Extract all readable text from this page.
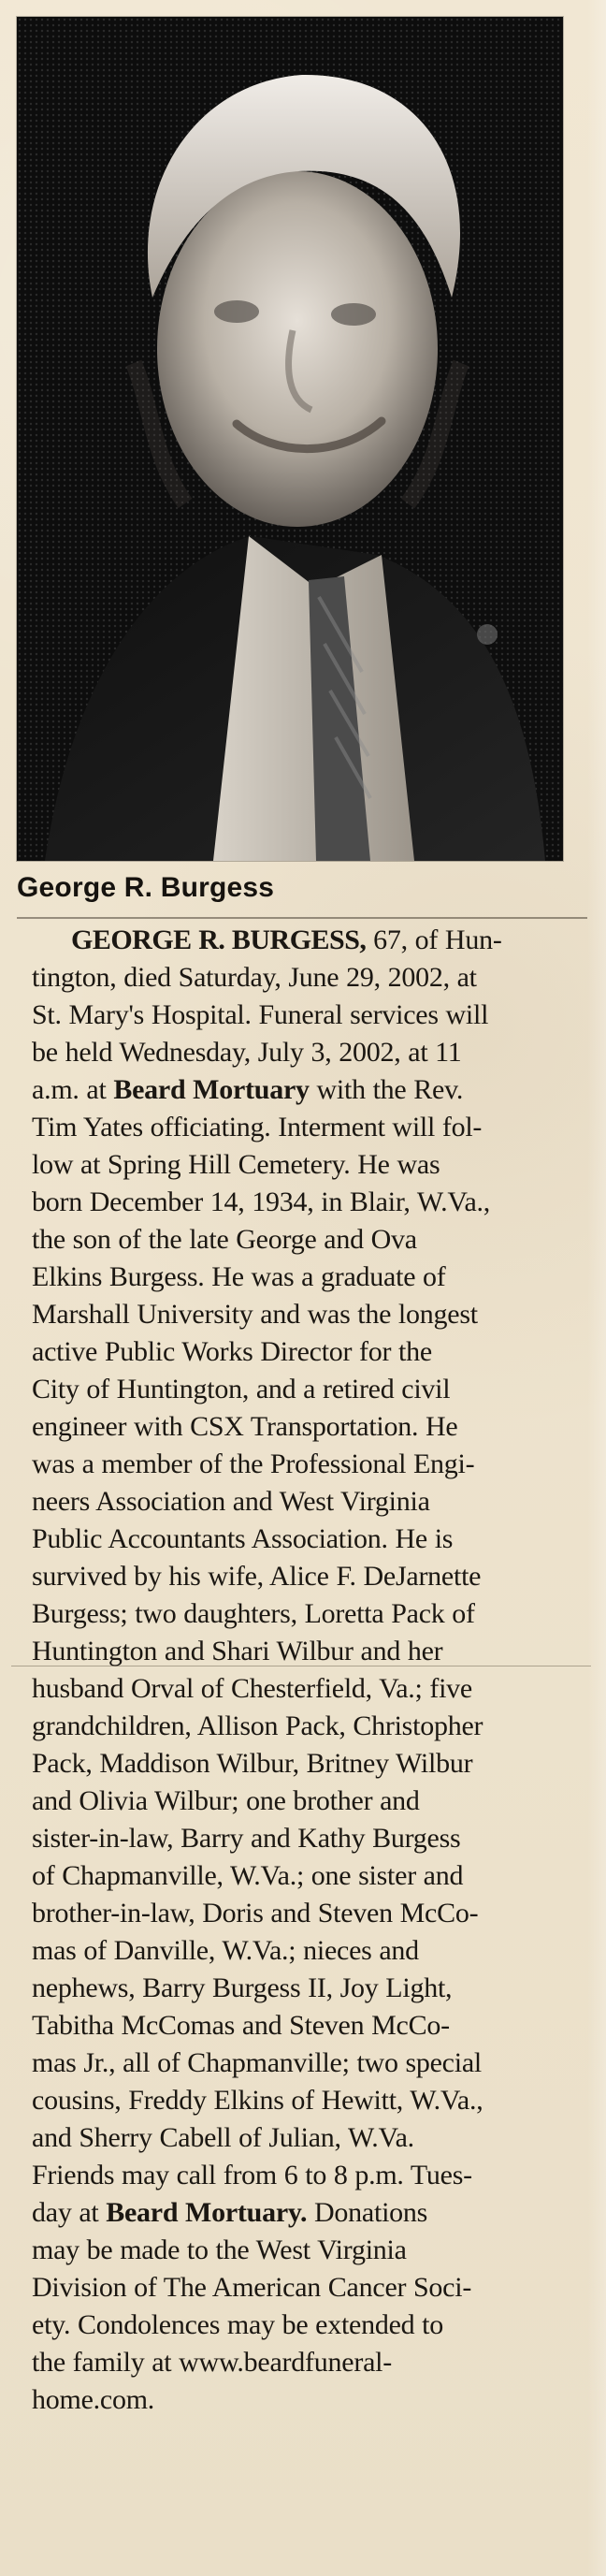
George R. Burgess
GEORGE R. BURGESS, 67, of Hun-
tington, died Saturday, June 29, 2002, at
St. Mary's Hospital. Funeral services will
be held Wednesday, July 3, 2002, at 11
a.m. at Beard Mortuary with the Rev.
Tim Yates officiating. Interment will fol-
low at Spring Hill Cemetery. He was
born December 14, 1934, in Blair, W.Va.,
the son of the late George and Ova
Elkins Burgess. He was a graduate of
Marshall University and was the longest
active Public Works Director for the
City of Huntington, and a retired civil
engineer with CSX Transportation. He
was a member of the Professional Engi-
neers Association and West Virginia
Public Accountants Association. He is
survived by his wife, Alice F. DeJarnette
Burgess; two daughters, Loretta Pack of
Huntington and Shari Wilbur and her
husband Orval of Chesterfield, Va.; five
grandchildren, Allison Pack, Christopher
Pack, Maddison Wilbur, Britney Wilbur
and Olivia Wilbur; one brother and
sister-in-law, Barry and Kathy Burgess
of Chapmanville, W.Va.; one sister and
brother-in-law, Doris and Steven McCo-
mas of Danville, W.Va.; nieces and
nephews, Barry Burgess II, Joy Light,
Tabitha McComas and Steven McCo-
mas Jr., all of Chapmanville; two special
cousins, Freddy Elkins of Hewitt, W.Va.,
and Sherry Cabell of Julian, W.Va.
Friends may call from 6 to 8 p.m. Tues-
day at Beard Mortuary. Donations
may be made to the West Virginia
Division of The American Cancer Soci-
ety. Condolences may be extended to
the family at www.beardfuneral-
home.com.
